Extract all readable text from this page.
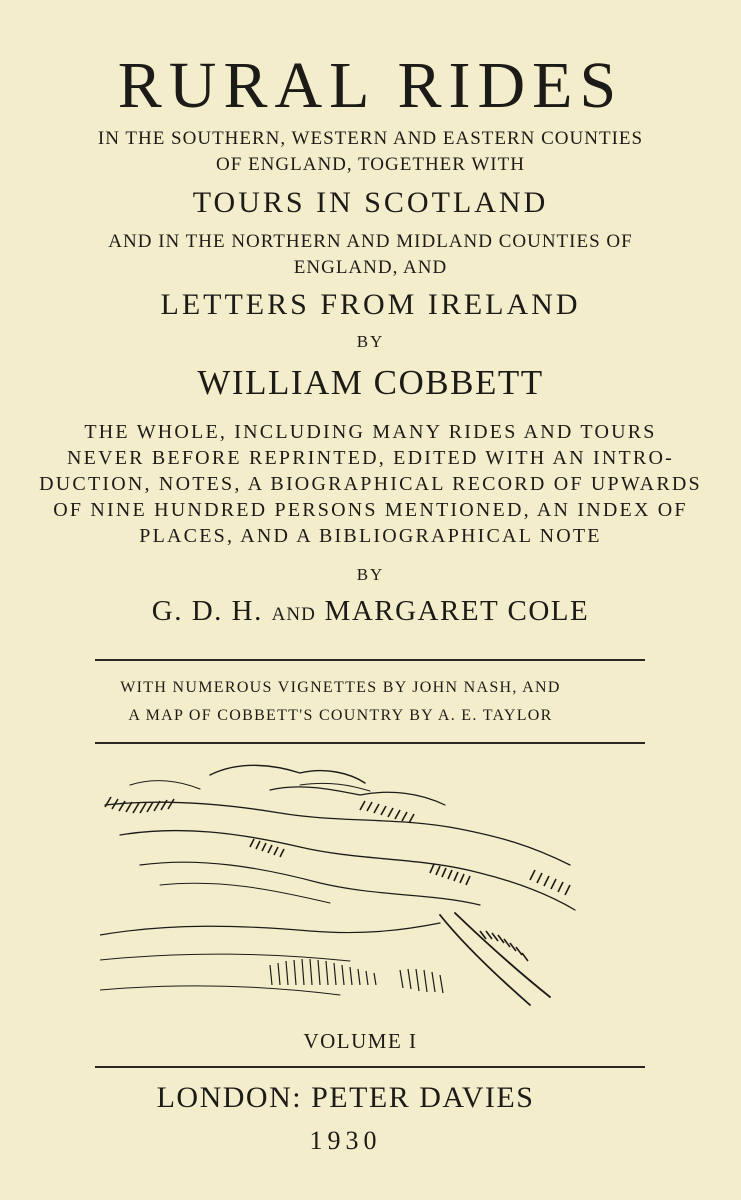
RURAL RIDES
IN THE SOUTHERN, WESTERN AND EASTERN COUNTIES
OF ENGLAND, TOGETHER WITH
TOURS IN SCOTLAND
AND IN THE NORTHERN AND MIDLAND COUNTIES OF
ENGLAND, AND
LETTERS FROM IRELAND
BY
WILLIAM COBBETT
THE WHOLE, INCLUDING MANY RIDES AND TOURS
NEVER BEFORE REPRINTED, EDITED WITH AN INTRO-
DUCTION, NOTES, A BIOGRAPHICAL RECORD OF UPWARDS
OF NINE HUNDRED PERSONS MENTIONED, AN INDEX OF
PLACES, AND A BIBLIOGRAPHICAL NOTE
BY
G. D. H. AND MARGARET COLE
WITH NUMEROUS VIGNETTES BY JOHN NASH, AND
A MAP OF COBBETT'S COUNTRY BY A. E. TAYLOR
VOLUME I
LONDON: PETER DAVIES
1930
